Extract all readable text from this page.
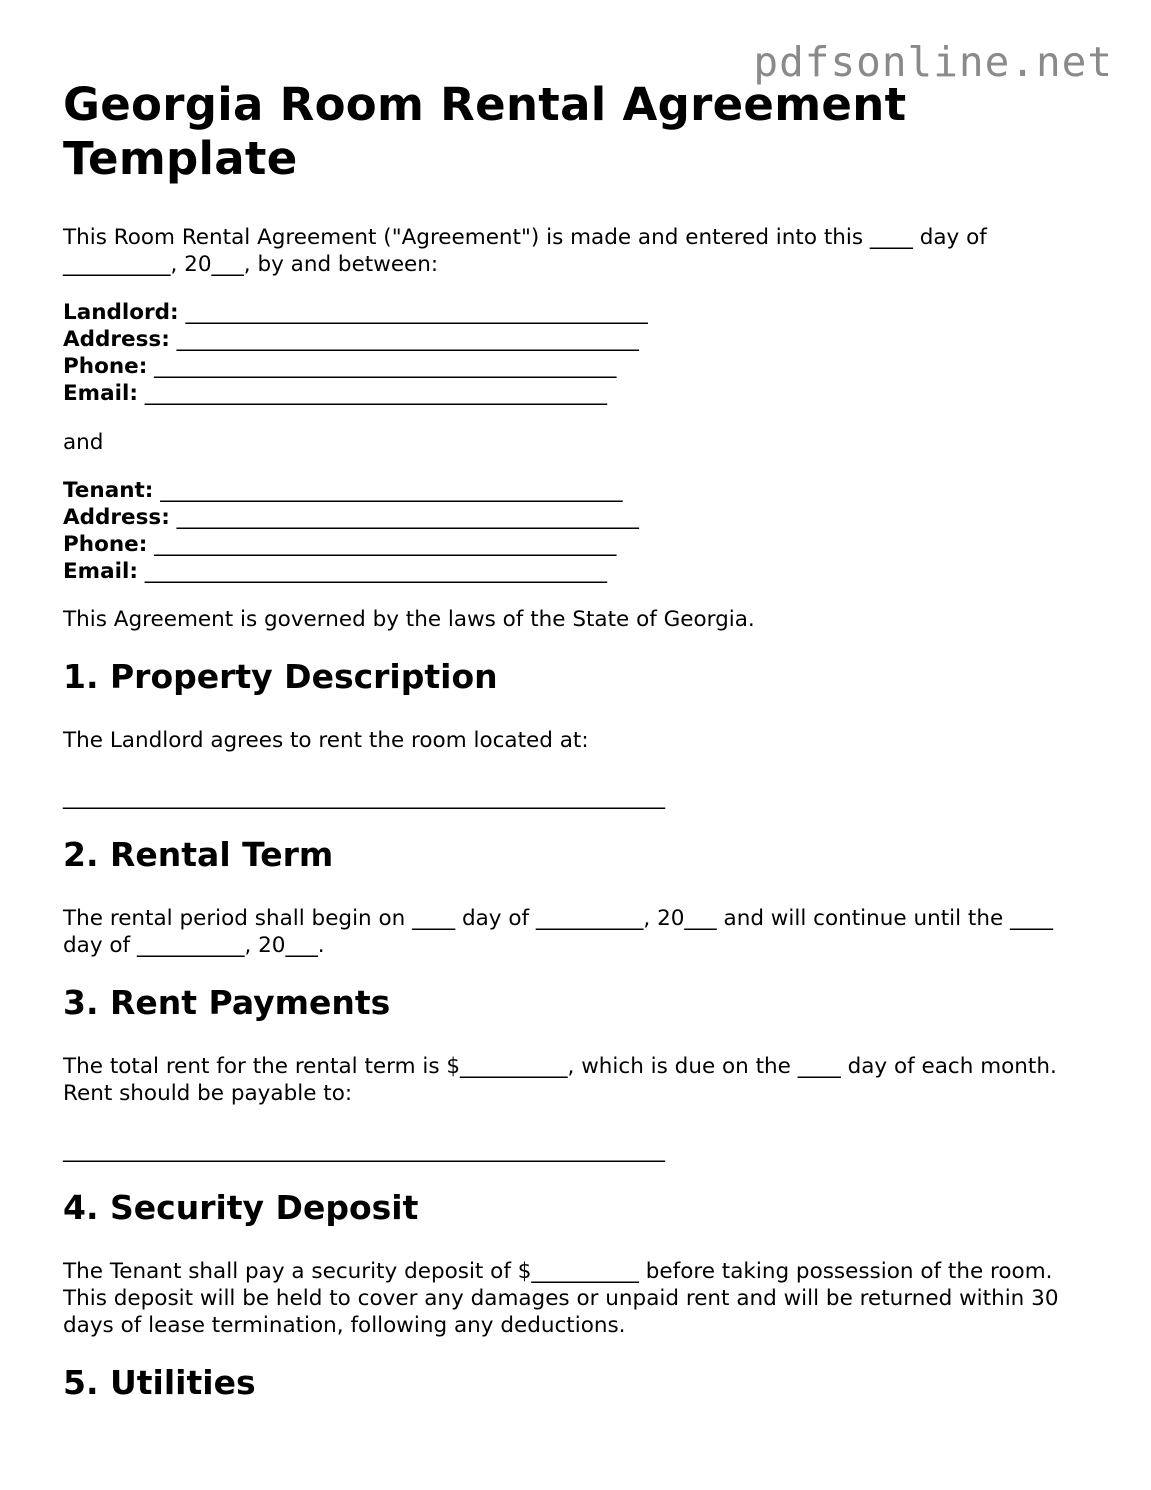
pdfsonline.net
Georgia Room Rental Agreement
Template

This Room Rental Agreement ("Agreement") is made and entered into this ____ day of __________, 20___, by and between:

Landlord: ___________________________________________
Address: ___________________________________________
Phone: ___________________________________________
Email: ___________________________________________

and

Tenant: ___________________________________________
Address: ___________________________________________
Phone: ___________________________________________
Email: ___________________________________________

This Agreement is governed by the laws of the State of Georgia.

1. Property Description

The Landlord agrees to rent the room located at:

________________________________________________________
2. Rental Term

The rental period shall begin on ____ day of __________, 20___ and will continue until the ____ day of __________, 20___.

3. Rent Payments

The total rent for the rental term is $__________, which is due on the ____ day of each month. Rent should be payable to:

________________________________________________________
4. Security Deposit

The Tenant shall pay a security deposit of $__________ before taking possession of the room. This deposit will be held to cover any damages or unpaid rent and will be returned within 30 days of lease termination, following any deductions.

5. Utilities
